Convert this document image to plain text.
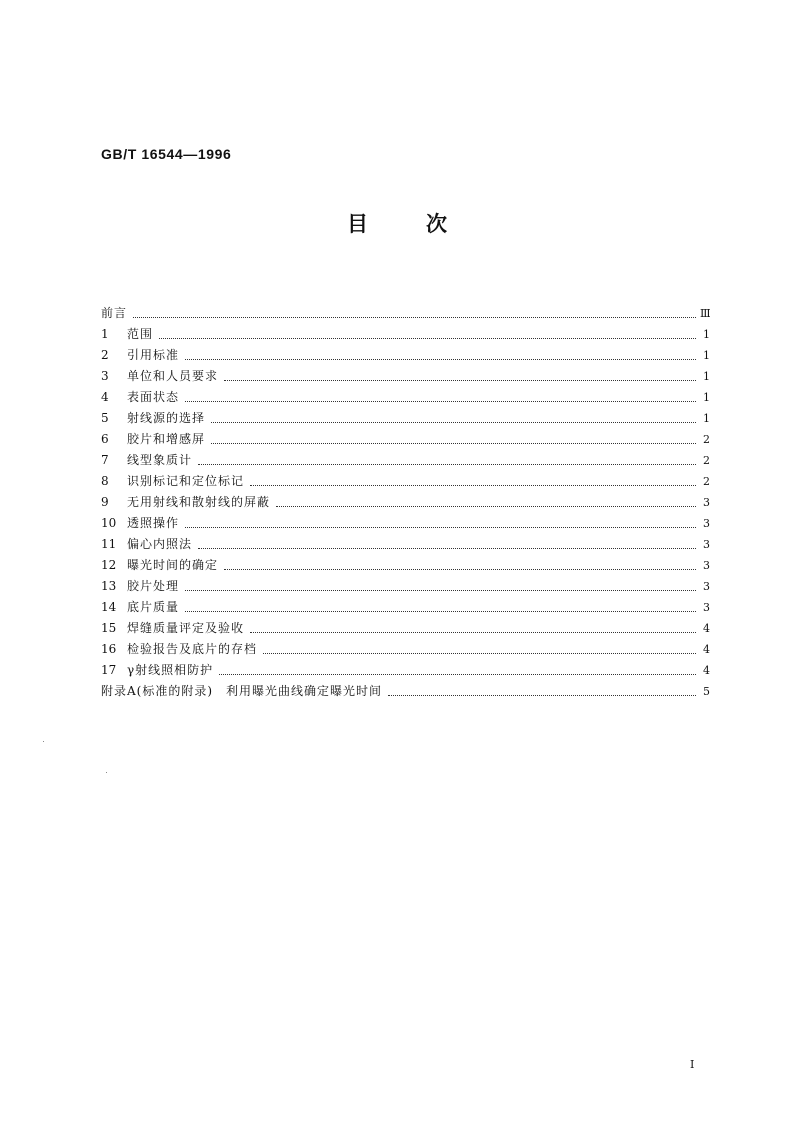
GB/T 16544—1996
目次
前言	Ⅲ
1	范围	1
2	引用标准	1
3	单位和人员要求	1
4	表面状态	1
5	射线源的选择	1
6	胶片和增感屏	2
7	线型象质计	2
8	识别标记和定位标记	2
9	无用射线和散射线的屏蔽	3
10 透照操作	3
11 偏心内照法	3
12 曝光时间的确定	3
13 胶片处理	3
14 底片质量	3
15 焊缝质量评定及验收	4
16 检验报告及底片的存档	4
17 γ射线照相防护	4
附录A(标准的附录)　利用曝光曲线确定曝光时间	5
I
